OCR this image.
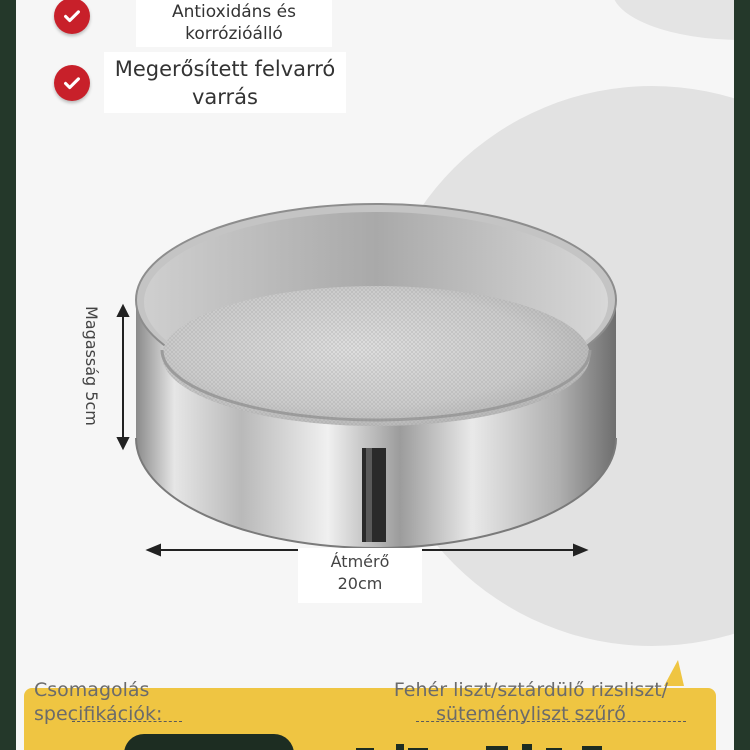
Antioxidáns és
korrózióálló
Megerősített felvarró
varrás
Magasság 5cm
Átmérő
20cm
Csomagolás
specifikációk:
Fehér liszt/sztárdülő rizsliszt/
süteményliszt szűrő
